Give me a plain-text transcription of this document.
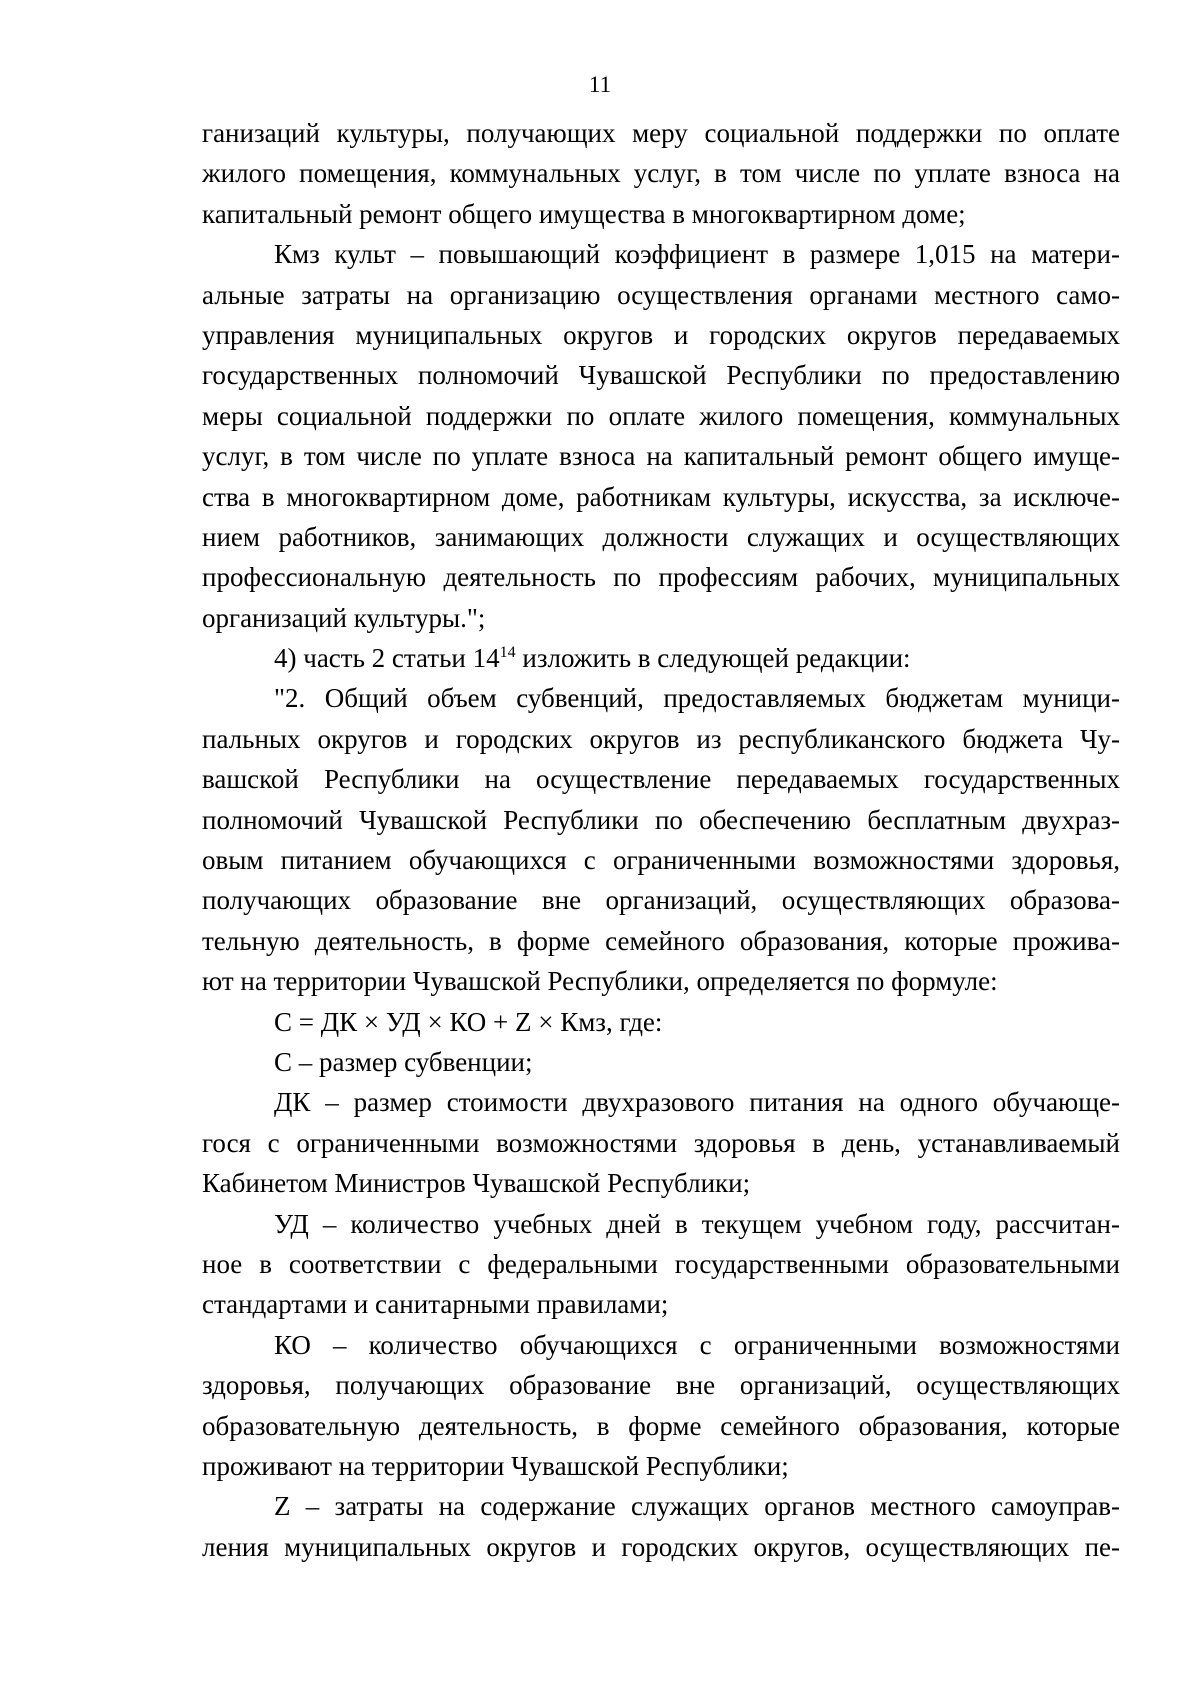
11
ганизаций культуры, получающих меру социальной поддержки по оплате
жилого помещения, коммунальных услуг, в том числе по уплате взноса на
капитальный ремонт общего имущества в многоквартирном доме;
Кмз культ – повышающий коэффициент в размере 1,015 на матери-
альные затраты на организацию осуществления органами местного само-
управления муниципальных округов и городских округов передаваемых
государственных полномочий Чувашской Республики по предоставлению
меры социальной поддержки по оплате жилого помещения, коммунальных
услуг, в том числе по уплате взноса на капитальный ремонт общего имуще-
ства в многоквартирном доме, работникам культуры, искусства, за исключе-
нием работников, занимающих должности служащих и осуществляющих
профессиональную деятельность по профессиям рабочих, муниципальных
организаций культуры.";
4) часть 2 статьи $14^{14}$ изложить в следующей редакции:
"2. Общий объем субвенций, предоставляемых бюджетам муници-
пальных округов и городских округов из республиканского бюджета Чу-
вашской Республики на осуществление передаваемых государственных
полномочий Чувашской Республики по обеспечению бесплатным двухраз-
овым питанием обучающихся с ограниченными возможностями здоровья,
получающих образование вне организаций, осуществляющих образова-
тельную деятельность, в форме семейного образования, которые прожива-
ют на территории Чувашской Республики, определяется по формуле:
С = ДК × УД × КО + Z × Кмз, где:
С – размер субвенции;
ДК – размер стоимости двухразового питания на одного обучающе-
гося с ограниченными возможностями здоровья в день, устанавливаемый
Кабинетом Министров Чувашской Республики;
УД – количество учебных дней в текущем учебном году, рассчитан-
ное в соответствии с федеральными государственными образовательными
стандартами и санитарными правилами;
КО – количество обучающихся с ограниченными возможностями
здоровья, получающих образование вне организаций, осуществляющих
образовательную деятельность, в форме семейного образования, которые
проживают на территории Чувашской Республики;
Z – затраты на содержание служащих органов местного самоуправ-
ления муниципальных округов и городских округов, осуществляющих пе-
